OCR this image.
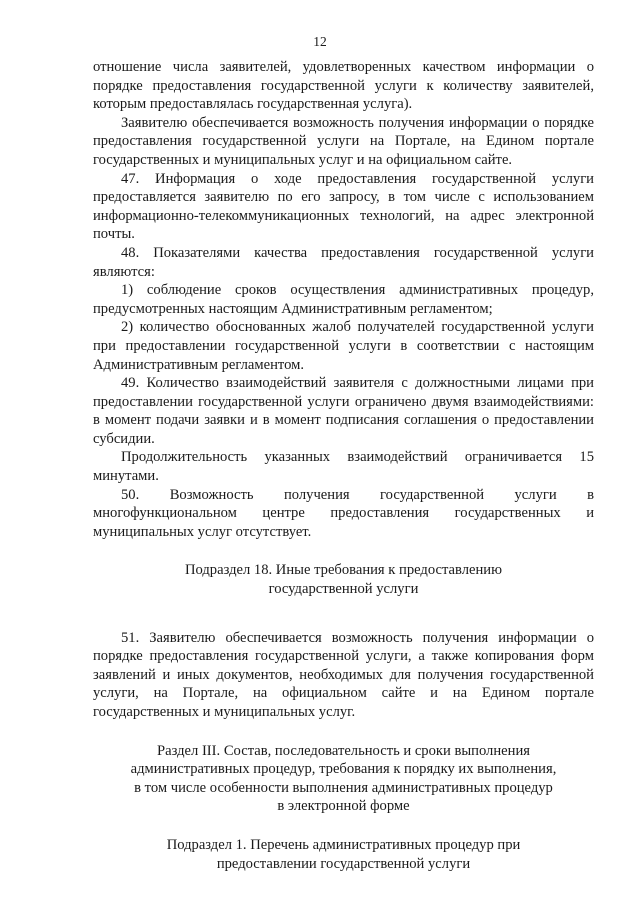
12

отношение числа заявителей, удовлетворенных качеством информации о порядке предоставления государственной услуги к количеству заявителей, которым предоставлялась государственная услуга).

Заявителю обеспечивается возможность получения информации о порядке предоставления государственной услуги на Портале, на Едином портале государственных и муниципальных услуг и на официальном сайте.

47. Информация о ходе предоставления государственной услуги предоставляется заявителю по его запросу, в том числе с использованием информационно-телекоммуникационных технологий, на адрес электронной почты.

48. Показателями качества предоставления государственной услуги являются:

1) соблюдение сроков осуществления административных процедур, предусмотренных настоящим Административным регламентом;

2) количество обоснованных жалоб получателей государственной услуги при предоставлении государственной услуги в соответствии с настоящим Административным регламентом.

49. Количество взаимодействий заявителя с должностными лицами при предоставлении государственной услуги ограничено двумя взаимодействиями: в момент подачи заявки и в момент подписания соглашения о предоставлении субсидии.

Продолжительность указанных взаимодействий ограничивается 15 минутами.

50. Возможность получения государственной услуги в многофункциональном центре предоставления государственных и муниципальных услуг отсутствует.

Подраздел 18. Иные требования к предоставлению
государственной услуги

51. Заявителю обеспечивается возможность получения информации о порядке предоставления государственной услуги, а также копирования форм заявлений и иных документов, необходимых для получения государственной услуги, на Портале, на официальном сайте и на Едином портале государственных и муниципальных услуг.

Раздел III. Состав, последовательность и сроки выполнения
административных процедур, требования к порядку их выполнения,
в том числе особенности выполнения административных процедур
в электронной форме

Подраздел 1. Перечень административных процедур при
предоставлении государственной услуги
